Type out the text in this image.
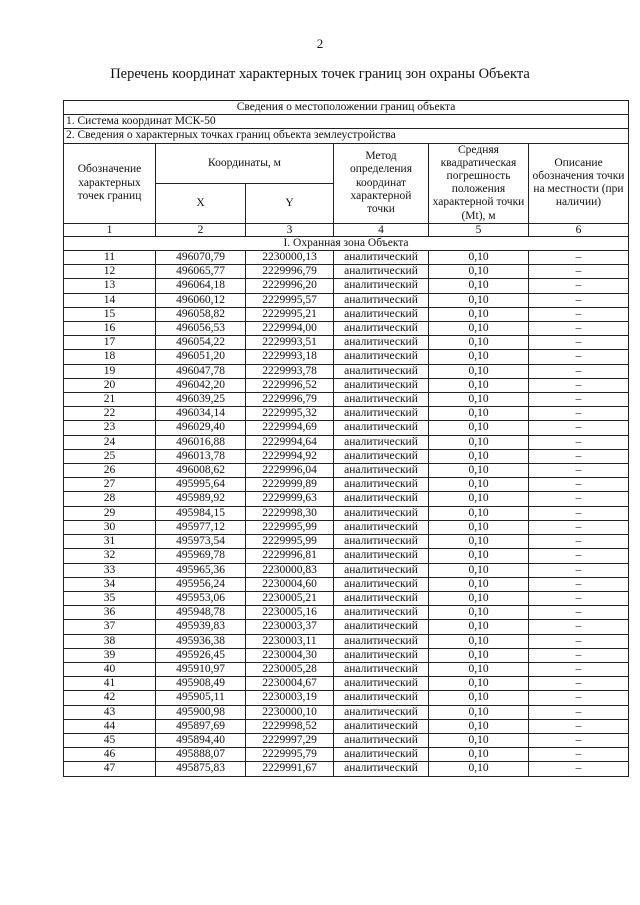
2
Перечень координат характерных точек границ зон охраны Объекта
Сведения о местоположении границ объекта					
1. Система координат МСК-50					
2. Сведения о характерных точках границ объекта землеустройства					
Обозначение характерных точек границ	Координаты, м		Метод определения координат характерной точки	Средняя квадратическая погрешность положения характерной точки (Mt), м	Описание обозначения точки на местности (при наличии)
	X	Y			
1	2	3	4	5	6
I. Охранная зона Объекта					
11	496070,79	2230000,13	аналитический	0,10	–
12	496065,77	2229996,79	аналитический	0,10	–
13	496064,18	2229996,20	аналитический	0,10	–
14	496060,12	2229995,57	аналитический	0,10	–
15	496058,82	2229995,21	аналитический	0,10	–
16	496056,53	2229994,00	аналитический	0,10	–
17	496054,22	2229993,51	аналитический	0,10	–
18	496051,20	2229993,18	аналитический	0,10	–
19	496047,78	2229993,78	аналитический	0,10	–
20	496042,20	2229996,52	аналитический	0,10	–
21	496039,25	2229996,79	аналитический	0,10	–
22	496034,14	2229995,32	аналитический	0,10	–
23	496029,40	2229994,69	аналитический	0,10	–
24	496016,88	2229994,64	аналитический	0,10	–
25	496013,78	2229994,92	аналитический	0,10	–
26	496008,62	2229996,04	аналитический	0,10	–
27	495995,64	2229999,89	аналитический	0,10	–
28	495989,92	2229999,63	аналитический	0,10	–
29	495984,15	2229998,30	аналитический	0,10	–
30	495977,12	2229995,99	аналитический	0,10	–
31	495973,54	2229995,99	аналитический	0,10	–
32	495969,78	2229996,81	аналитический	0,10	–
33	495965,36	2230000,83	аналитический	0,10	–
34	495956,24	2230004,60	аналитический	0,10	–
35	495953,06	2230005,21	аналитический	0,10	–
36	495948,78	2230005,16	аналитический	0,10	–
37	495939,83	2230003,37	аналитический	0,10	–
38	495936,38	2230003,11	аналитический	0,10	–
39	495926,45	2230004,30	аналитический	0,10	–
40	495910,97	2230005,28	аналитический	0,10	–
41	495908,49	2230004,67	аналитический	0,10	–
42	495905,11	2230003,19	аналитический	0,10	–
43	495900,98	2230000,10	аналитический	0,10	–
44	495897,69	2229998,52	аналитический	0,10	–
45	495894,40	2229997,29	аналитический	0,10	–
46	495888,07	2229995,79	аналитический	0,10	–
47	495875,83	2229991,67	аналитический	0,10	–
